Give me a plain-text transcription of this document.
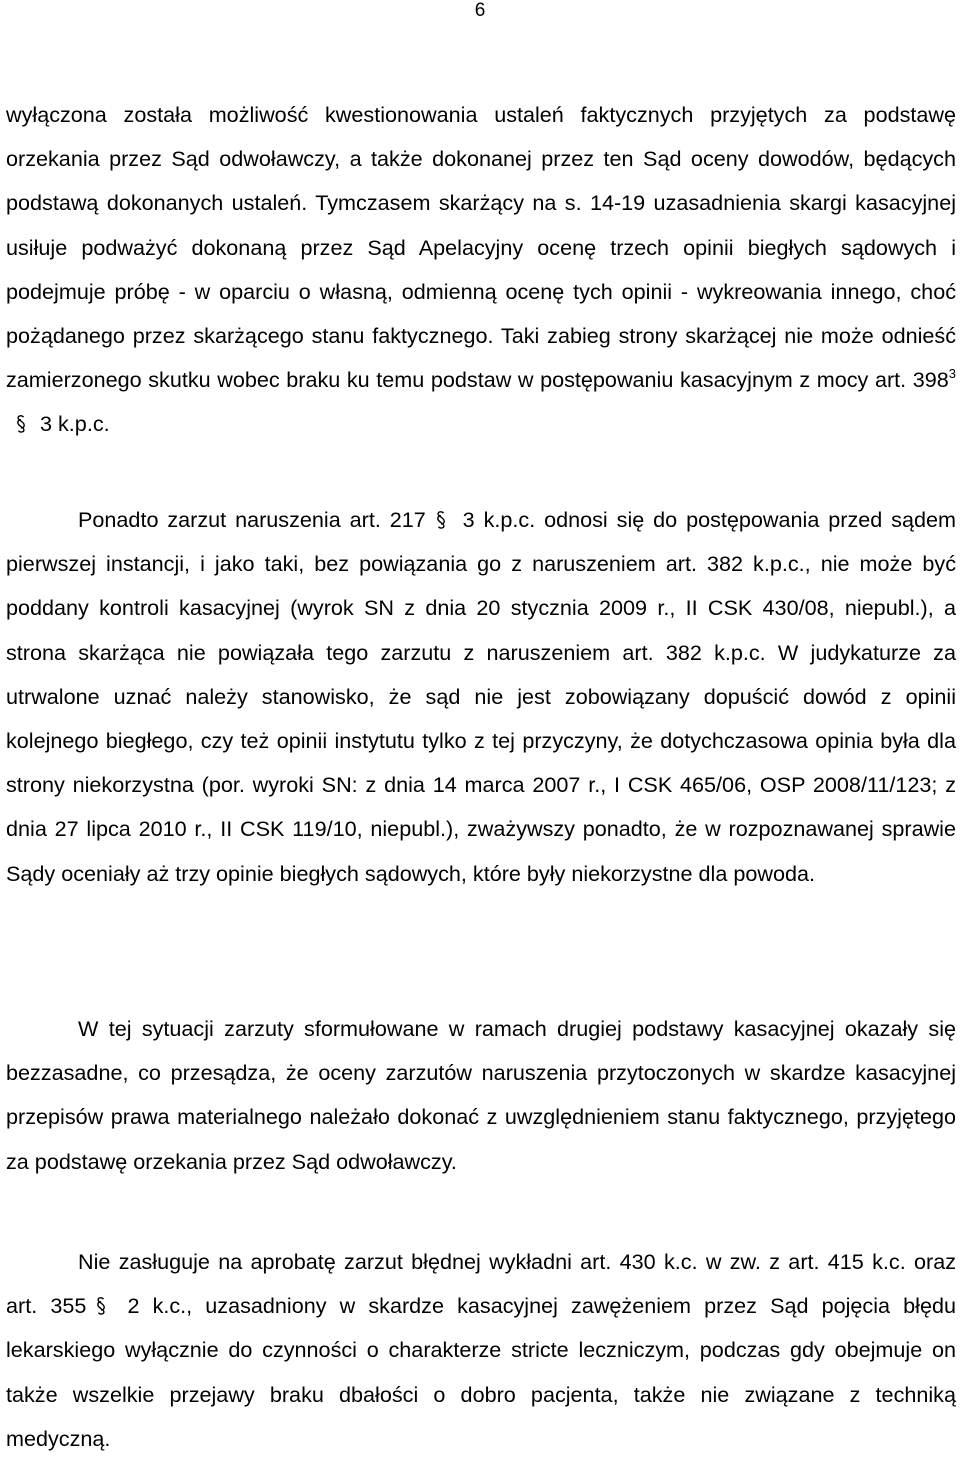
6

wyłączona została możliwość kwestionowania ustaleń faktycznych przyjętych za podstawę orzekania przez Sąd odwoławczy, a także dokonanej przez ten Sąd oceny dowodów, będących podstawą dokonanych ustaleń. Tymczasem skarżący na s. 14-19 uzasadnienia skargi kasacyjnej usiłuje podważyć dokonaną przez Sąd Apelacyjny ocenę trzech opinii biegłych sądowych i podejmuje próbę - w oparciu o własną, odmienną ocenę tych opinii - wykreowania innego, choć pożądanego przez skarżącego stanu faktycznego. Taki zabieg strony skarżącej nie może odnieść zamierzonego skutku wobec braku ku temu podstaw w postępowaniu kasacyjnym z mocy art. $398^3$
3 k.p.c.

Ponadto zarzut naruszenia art. 217
3 k.p.c. odnosi się do postępowania przed sądem pierwszej instancji, i jako taki, bez powiązania go z naruszeniem art. 382 k.p.c., nie może być poddany kontroli kasacyjnej (wyrok SN z dnia 20 stycznia 2009 r., II CSK 430/08, niepubl.), a strona skarżąca nie powiązała tego zarzutu z naruszeniem art. 382 k.p.c. W judykaturze za utrwalone uznać należy stanowisko, że sąd nie jest zobowiązany dopuścić dowód z opinii kolejnego biegłego, czy też opinii instytutu tylko z tej przyczyny, że dotychczasowa opinia była dla strony niekorzystna (por. wyroki SN: z dnia 14 marca 2007 r., I CSK 465/06, OSP 2008/11/123; z dnia 27 lipca 2010 r., II CSK 119/10, niepubl.), zważywszy ponadto, że w rozpoznawanej sprawie Sądy oceniały aż trzy opinie biegłych sądowych, które były niekorzystne dla powoda.

W tej sytuacji zarzuty sformułowane w ramach drugiej podstawy kasacyjnej okazały się bezzasadne, co przesądza, że oceny zarzutów naruszenia przytoczonych w skardze kasacyjnej przepisów prawa materialnego należało dokonać z uwzględnieniem stanu faktycznego, przyjętego za podstawę orzekania przez Sąd odwoławczy.

Nie zasługuje na aprobatę zarzut błędnej wykładni art. 430 k.c. w zw. z art. 415 k.c. oraz art. 355
2 k.c., uzasadniony w skardze kasacyjnej zawężeniem przez Sąd pojęcia błędu lekarskiego wyłącznie do czynności o charakterze stricte leczniczym, podczas gdy obejmuje on także wszelkie przejawy braku dbałości o dobro pacjenta, także nie związane z techniką medyczną.
